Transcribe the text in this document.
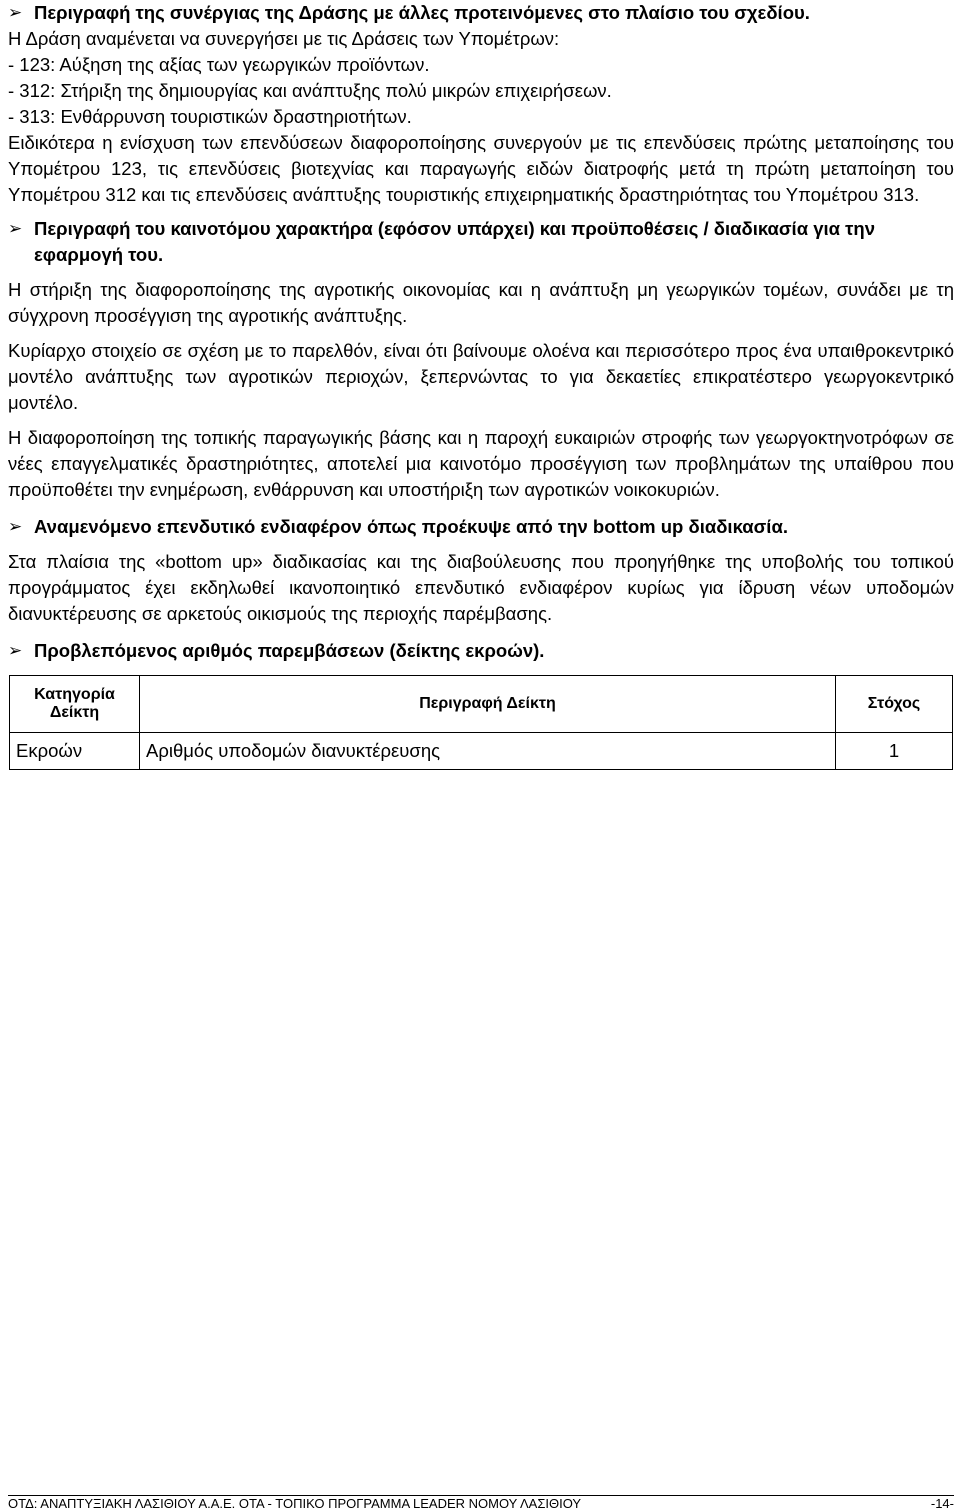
➢ Περιγραφή της συνέργιας της Δράσης με άλλες προτεινόμενες στο πλαίσιο του σχεδίου.
Η Δράση αναμένεται να συνεργήσει με τις Δράσεις των Υπομέτρων:
- 123: Αύξηση της αξίας των γεωργικών προϊόντων.
- 312: Στήριξη της δημιουργίας και ανάπτυξης πολύ μικρών επιχειρήσεων.
- 313: Ενθάρρυνση τουριστικών δραστηριοτήτων.

Ειδικότερα η ενίσχυση των επενδύσεων διαφοροποίησης συνεργούν με τις επενδύσεις πρώτης μεταποίησης του Υπομέτρου 123, τις επενδύσεις βιοτεχνίας και παραγωγής ειδών διατροφής μετά τη πρώτη μεταποίηση του Υπομέτρου 312 και τις επενδύσεις ανάπτυξης τουριστικής επιχειρηματικής δραστηριότητας του Υπομέτρου 313.

➢ Περιγραφή του καινοτόμου χαρακτήρα (εφόσον υπάρχει) και προϋποθέσεις / διαδικασία για την εφαρμογή του.

Η στήριξη της διαφοροποίησης της αγροτικής οικονομίας και η ανάπτυξη μη γεωργικών τομέων, συνάδει με τη σύγχρονη προσέγγιση της αγροτικής ανάπτυξης.

Κυρίαρχο στοιχείο σε σχέση με το παρελθόν, είναι ότι βαίνουμε ολοένα και περισσότερο προς ένα υπαιθροκεντρικό μοντέλο ανάπτυξης των αγροτικών περιοχών, ξεπερνώντας το για δεκαετίες επικρατέστερο γεωργοκεντρικό μοντέλο.

Η διαφοροποίηση της τοπικής παραγωγικής βάσης και η παροχή ευκαιριών στροφής των γεωργοκτηνοτρόφων σε νέες επαγγελματικές δραστηριότητες, αποτελεί μια καινοτόμο προσέγγιση των προβλημάτων της υπαίθρου που προϋποθέτει την ενημέρωση, ενθάρρυνση και υποστήριξη των αγροτικών νοικοκυριών.

➢ Αναμενόμενο επενδυτικό ενδιαφέρον όπως προέκυψε από την bottom up διαδικασία.

Στα πλαίσια της «bottom up» διαδικασίας και της διαβούλευσης που προηγήθηκε της υποβολής του τοπικού προγράμματος έχει εκδηλωθεί ικανοποιητικό επενδυτικό ενδιαφέρον κυρίως για ίδρυση νέων υποδομών διανυκτέρευσης σε αρκετούς οικισμούς της περιοχής παρέμβασης.

➢ Προβλεπόμενος αριθμός παρεμβάσεων (δείκτης εκροών).
Κατηγορία Δείκτη	Περιγραφή Δείκτη	Στόχος
Εκροών	Αριθμός υποδομών διανυκτέρευσης	1
ΟΤΔ: ΑΝΑΠΤΥΞΙΑΚΗ ΛΑΣΙΘΙΟΥ Α.Α.Ε. ΟΤΑ - ΤΟΠΙΚΟ ΠΡΟΓΡΑΜΜΑ LEADER ΝΟΜΟΥ ΛΑΣΙΘΙΟΥ	-14-
